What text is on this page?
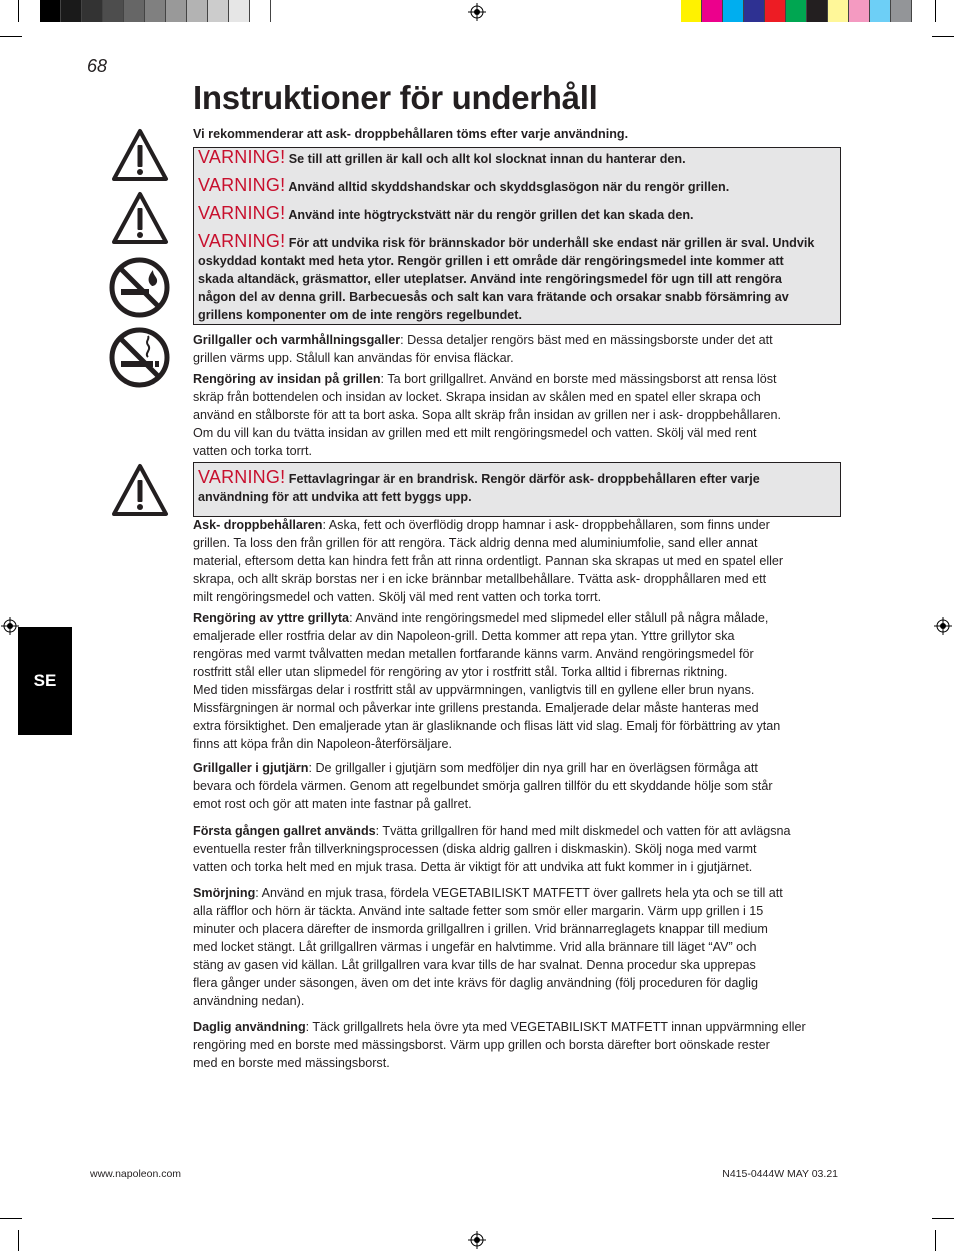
68
Instruktioner för underhåll

Vi rekommenderar att ask- droppbehållaren töms efter varje användning.

VARNING! Se till att grillen är kall och allt kol slocknat innan du hanterar den.

VARNING! Använd alltid skyddshandskar och skyddsglasögon när du rengör grillen.

VARNING! Använd inte högtryckstvätt när du rengör grillen det kan skada den.

VARNING! För att undvika risk för brännskador bör underhåll ske endast när grillen är sval. Undvik
oskyddad kontakt med heta ytor. Rengör grillen i ett område där rengöringsmedel inte kommer att
skada altandäck, gräsmattor, eller uteplatser. Använd inte rengöringsmedel för ugn till att rengöra
någon del av denna grill. Barbecuesås och salt kan vara frätande och orsakar snabb försämring av
grillens komponenter om de inte rengörs regelbundet.

Grillgaller och varmhållningsgaller: Dessa detaljer rengörs bäst med en mässingsborste under det att
grillen värms upp. Stålull kan användas för envisa fläckar.

Rengöring av insidan på grillen: Ta bort grillgallret. Använd en borste med mässingsborst att rensa löst
skräp från bottendelen och insidan av locket. Skrapa insidan av skålen med en spatel eller skrapa och
använd en stålborste för att ta bort aska. Sopa allt skräp från insidan av grillen ner i ask- droppbehållaren.
Om du vill kan du tvätta insidan av grillen med ett milt rengöringsmedel och vatten. Skölj väl med rent
vatten och torka torrt.

VARNING! Fettavlagringar är en brandrisk. Rengör därför ask- droppbehållaren efter varje
användning för att undvika att fett byggs upp.

Ask- droppbehållaren: Aska, fett och överflödig dropp hamnar i ask- droppbehållaren, som finns under
grillen. Ta loss den från grillen för att rengöra. Täck aldrig denna med aluminiumfolie, sand eller annat
material, eftersom detta kan hindra fett från att rinna ordentligt. Pannan ska skrapas ut med en spatel eller
skrapa, och allt skräp borstas ner i en icke brännbar metallbehållare. Tvätta ask- dropphållaren med ett
milt rengöringsmedel och vatten. Skölj väl med rent vatten och torka torrt.

Rengöring av yttre grillyta: Använd inte rengöringsmedel med slipmedel eller stålull på några målade,
emaljerade eller rostfria delar av din Napoleon-grill. Detta kommer att repa ytan. Yttre grillytor ska
rengöras med varmt tvålvatten medan metallen fortfarande känns varm. Använd rengöringsmedel för
rostfritt stål eller utan slipmedel för rengöring av ytor i rostfritt stål. Torka alltid i fibrernas riktning.
Med tiden missfärgas delar i rostfritt stål av uppvärmningen, vanligtvis till en gyllene eller brun nyans.
Missfärgningen är normal och påverkar inte grillens prestanda. Emaljerade delar måste hanteras med
extra försiktighet. Den emaljerade ytan är glasliknande och flisas lätt vid slag. Emalj för förbättring av ytan
finns att köpa från din Napoleon-återförsäljare.

Grillgaller i gjutjärn: De grillgaller i gjutjärn som medföljer din nya grill har en överlägsen förmåga att
bevara och fördela värmen. Genom att regelbundet smörja gallren tillför du ett skyddande hölje som står
emot rost och gör att maten inte fastnar på gallret.

Första gången gallret används: Tvätta grillgallren för hand med milt diskmedel och vatten för att avlägsna
eventuella rester från tillverkningsprocessen (diska aldrig gallren i diskmaskin). Skölj noga med varmt
vatten och torka helt med en mjuk trasa. Detta är viktigt för att undvika att fukt kommer in i gjutjärnet.

Smörjning: Använd en mjuk trasa, fördela VEGETABILISKT MATFETT över gallrets hela yta och se till att
alla räfflor och hörn är täckta. Använd inte saltade fetter som smör eller margarin. Värm upp grillen i 15
minuter och placera därefter de insmorda grillgallren i grillen. Vrid brännarreglagets knappar till medium
med locket stängt. Låt grillgallren värmas i ungefär en halvtimme. Vrid alla brännare till läget “AV” och
stäng av gasen vid källan. Låt grillgallren vara kvar tills de har svalnat. Denna procedur ska upprepas
flera gånger under säsongen, även om det inte krävs för daglig användning (följ proceduren för daglig
användning nedan).

Daglig användning: Täck grillgallrets hela övre yta med VEGETABILISKT MATFETT innan uppvärmning eller
rengöring med en borste med mässingsborst. Värm upp grillen och borsta därefter bort oönskade rester
med en borste med mässingsborst.

SE
www.napoleon.com	N415-0444W MAY 03.21
